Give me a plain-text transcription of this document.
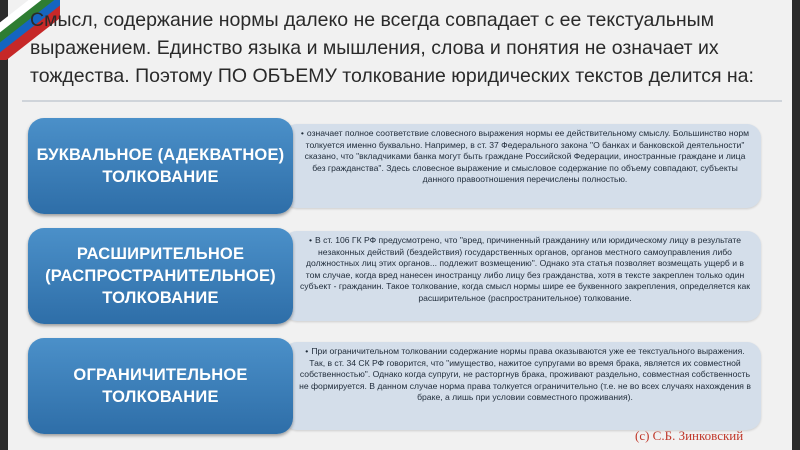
Смысл, содержание нормы далеко не всегда совпадает с ее текстуальным выражением. Единство языка и мышления, слова и понятия не означает их тождества. Поэтому ПО ОБЪЕМУ толкование юридических текстов делится на:
• означает полное соответствие словесного выражения нормы ее действительному смыслу. Большинство норм толкуется именно буквально. Например, в ст. 37 Федерального закона "О банках и банковской деятельности" сказано, что "вкладчиками банка могут быть граждане Российской Федерации, иностранные граждане и лица без гражданства". Здесь словесное выражение и смысловое содержание по объему совпадают, субъекты данного правоотношения перечислены полностью.
БУКВАЛЬНОЕ (АДЕКВАТНОЕ)
ТОЛКОВАНИЕ
• В ст. 106 ГК РФ предусмотрено, что "вред, причиненный гражданину или юридическому лицу в результате незаконных действий (бездействия) государственных органов, органов местного самоуправления либо должностных лиц этих органов... подлежит возмещению". Однако эта статья позволяет возмещать ущерб и в том случае, когда вред нанесен иностранцу либо лицу без гражданства, хотя в тексте закреплен только один субъект - гражданин. Такое толкование, когда смысл нормы шире ее буквенного закрепления, определяется как расширительное (распространительное) толкование.
РАСШИРИТЕЛЬНОЕ
(РАСПРОСТРАНИТЕЛЬНОЕ)
ТОЛКОВАНИЕ
• При ограничительном толковании содержание нормы права оказываются уже ее текстуального выражения. Так, в ст. 34 СК РФ говорится, что "имущество, нажитое супругами во время брака, является их совместной собственностью". Однако когда супруги, не расторгнув брака, проживают раздельно, совместная собственность не формируется. В данном случае норма права толкуется ограничительно (т.е. не во всех случаях нахождения в браке, а лишь при условии совместного проживания).
ОГРАНИЧИТЕЛЬНОЕ
ТОЛКОВАНИЕ
(с) С.Б. Зинковский
